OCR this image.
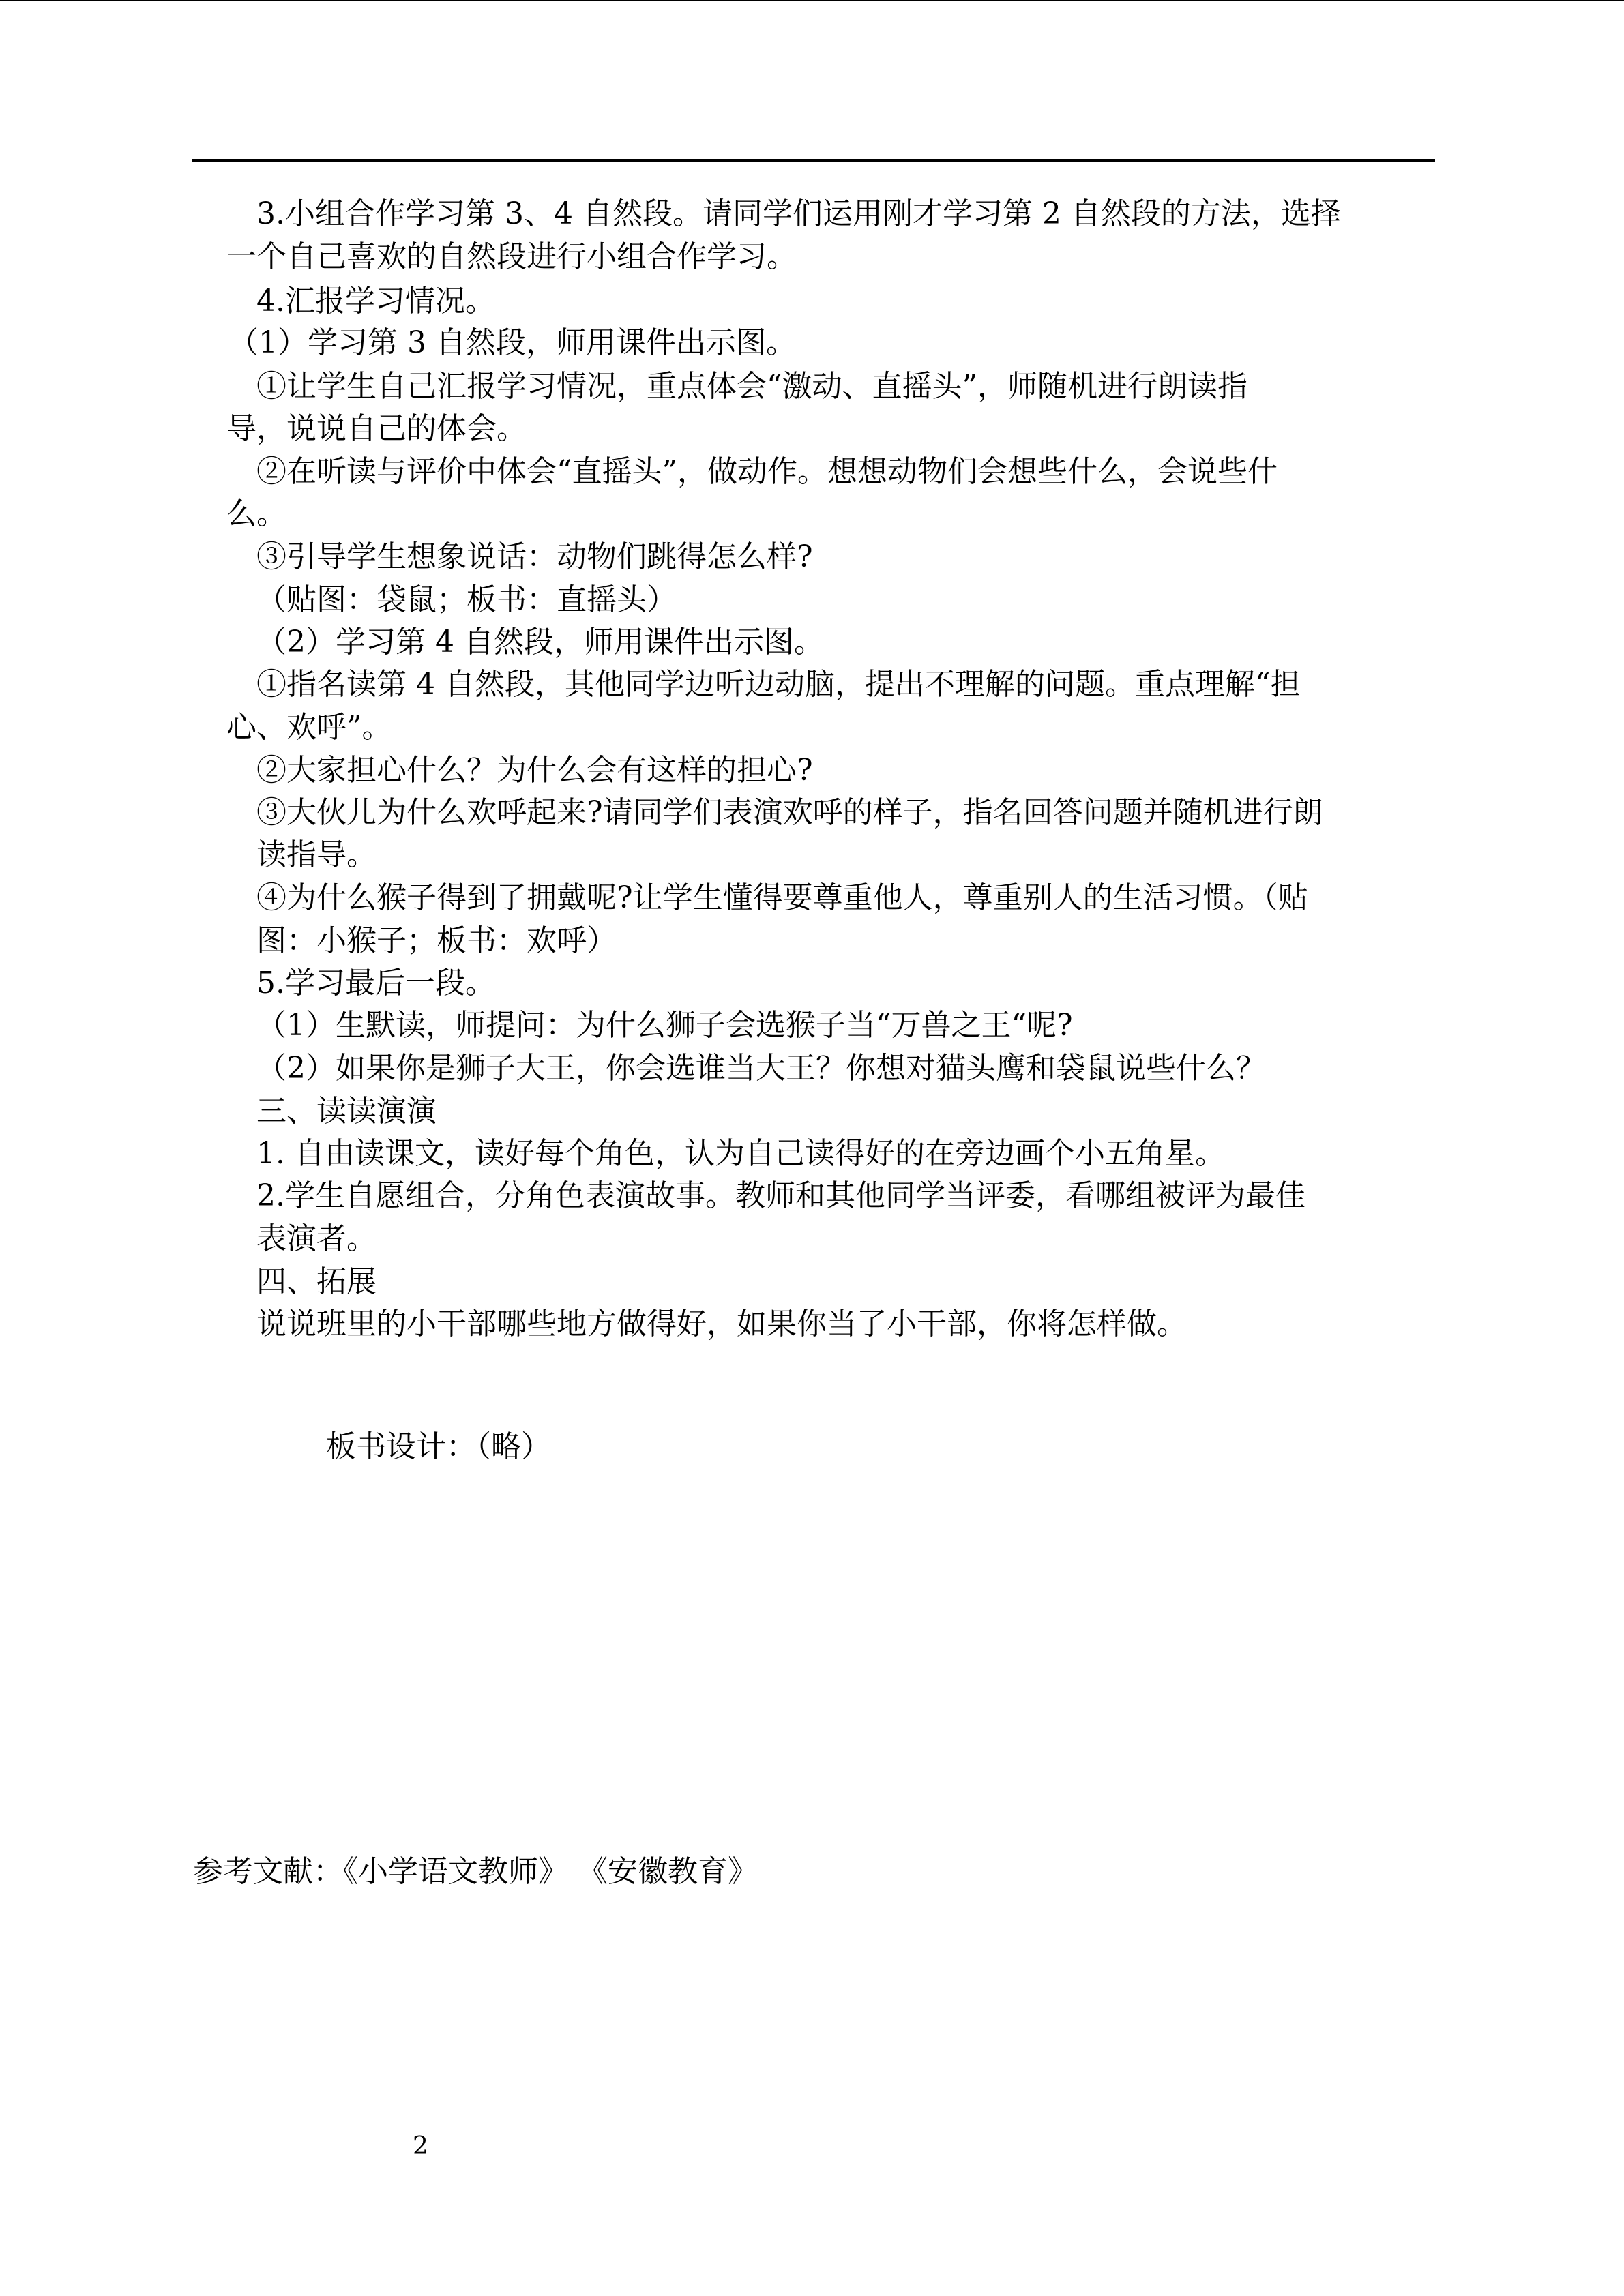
3.小组合作学习第 3、4 自然段。请同学们运用刚才学习第 2 自然段的方法，选择
一个自己喜欢的自然段进行小组合作学习。
4.汇报学习情况。
（1）学习第 3 自然段，师用课件出示图。
①让学生自己汇报学习情况，重点体会“激动、直摇头”，师随机进行朗读指
导，说说自己的体会。
②在听读与评价中体会“直摇头”，做动作。想想动物们会想些什么，会说些什
么。
③引导学生想象说话：动物们跳得怎么样?
（贴图：袋鼠；板书：直摇头）
（2）学习第 4 自然段，师用课件出示图。
①指名读第 4 自然段，其他同学边听边动脑，提出不理解的问题。重点理解“担
心、欢呼”。
②大家担心什么？为什么会有这样的担心?
③大伙儿为什么欢呼起来?请同学们表演欢呼的样子，指名回答问题并随机进行朗
读指导。
④为什么猴子得到了拥戴呢?让学生懂得要尊重他人，尊重别人的生活习惯。（贴
图：小猴子；板书：欢呼）
5.学习最后一段。
（1）生默读，师提问：为什么狮子会选猴子当“万兽之王“呢?
（2）如果你是狮子大王，你会选谁当大王？你想对猫头鹰和袋鼠说些什么？
三、读读演演
1. 自由读课文，读好每个角色，认为自己读得好的在旁边画个小五角星。
2.学生自愿组合，分角色表演故事。教师和其他同学当评委，看哪组被评为最佳
表演者。
四、拓展
说说班里的小干部哪些地方做得好，如果你当了小干部，你将怎样做。
板书设计：（略）
参考文献：《小学语文教师》 《安徽教育》
2
